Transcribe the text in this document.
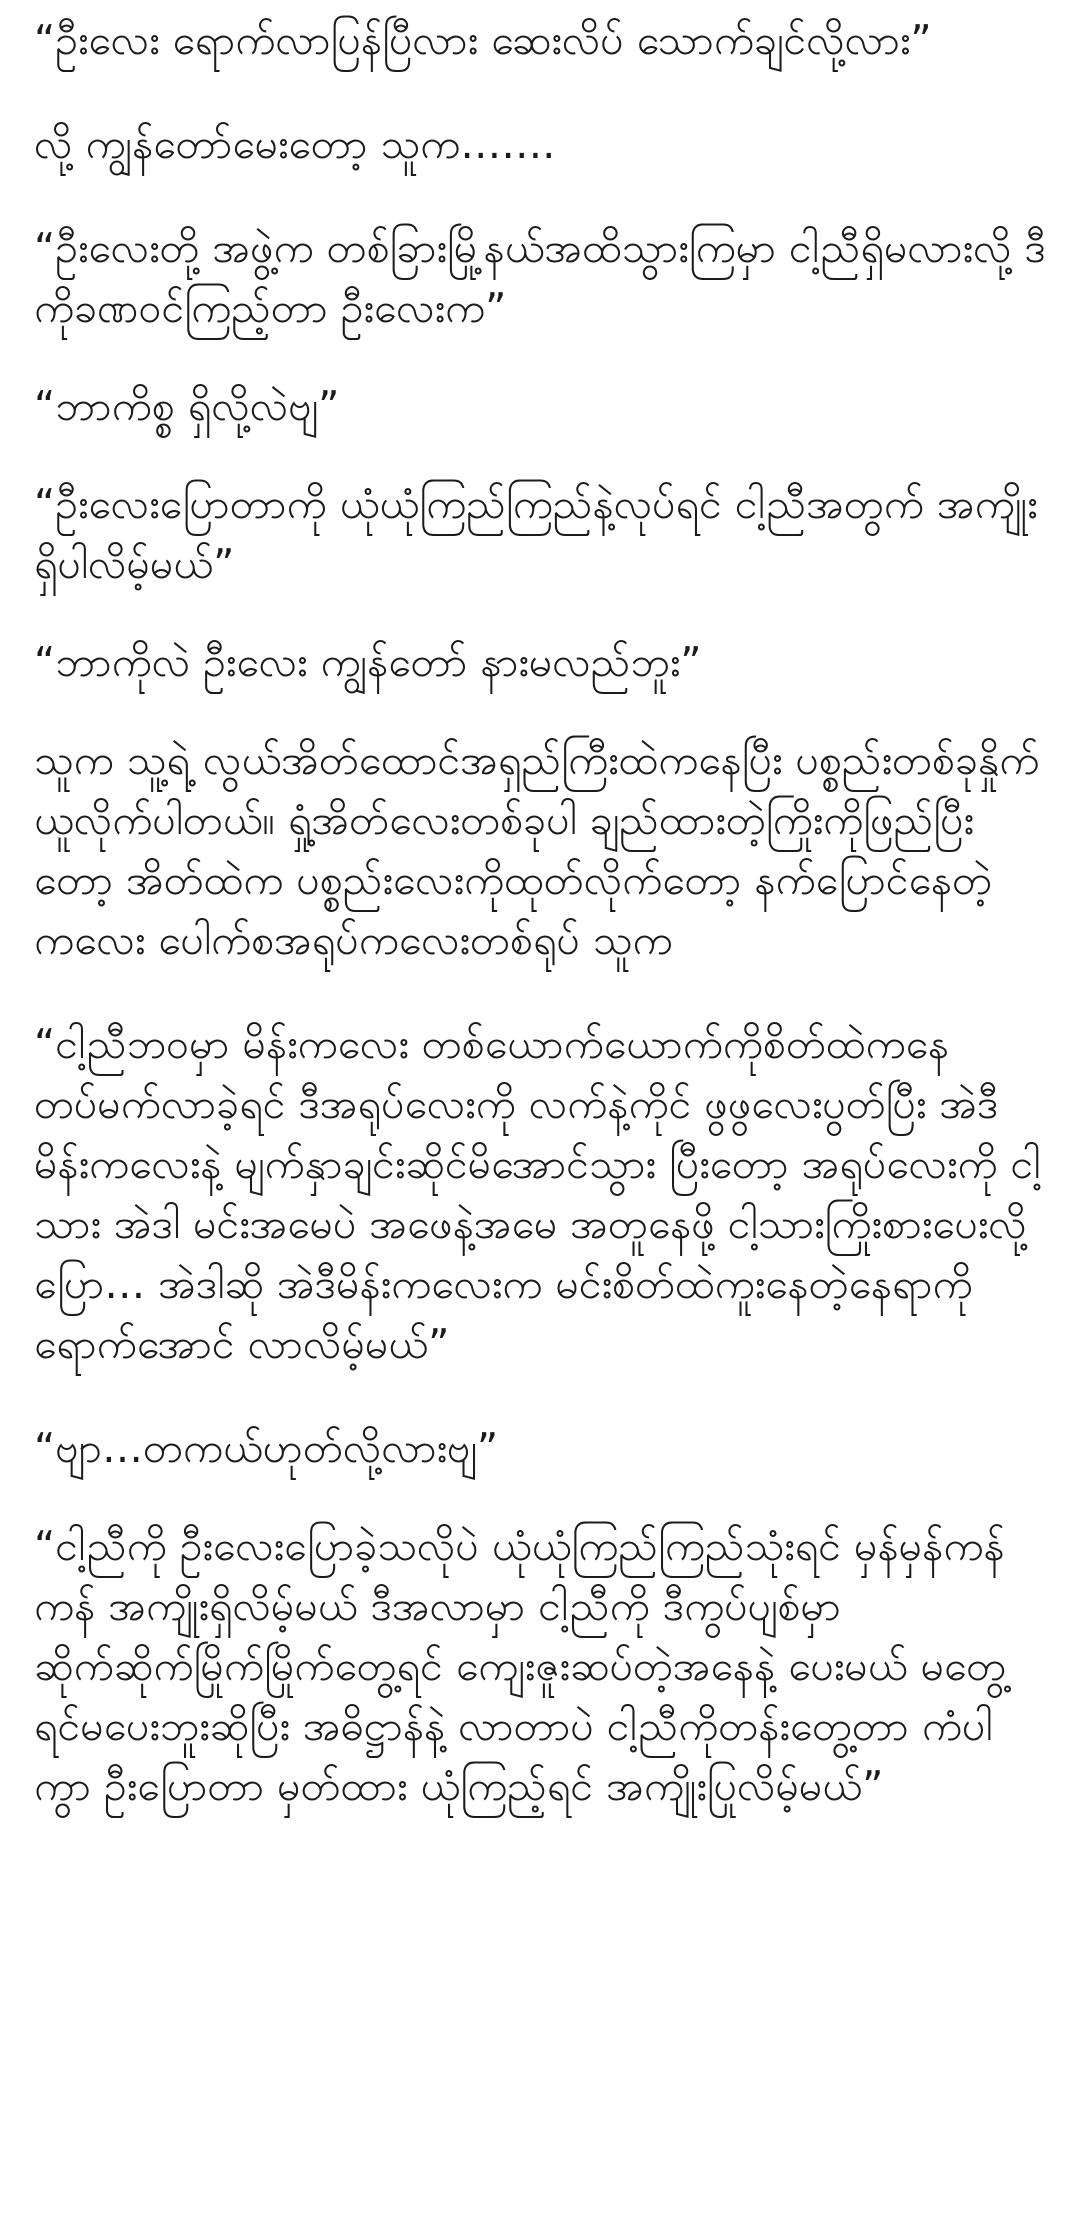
“ဦးလေး ရောက်လာပြန်ပြီလား ဆေးလိပ် သောက်ချင်လို့လား”

လို့ ကျွန်တော်မေးတော့ သူက…….

“ဦးလေးတို့ အဖွဲ့က တစ်ခြားမြို့နယ်အထိသွားကြမှာ ငါ့ညီရှိမလားလို့ ဒီကိုခဏဝင်ကြည့်တာ ဦးလေးက”

“ဘာကိစ္စ ရှိလို့လဲဗျ”

“ဦးလေးပြောတာကို ယုံယုံကြည်ကြည်နဲ့လုပ်ရင် ငါ့ညီအတွက် အကျိုးရှိပါလိမ့်မယ်”

“ဘာကိုလဲ ဦးလေး ကျွန်တော် နားမလည်ဘူး”

သူက သူ့ရဲ့ လွယ်အိတ်ထောင်အရှည်ကြီးထဲကနေပြီး ပစ္စည်းတစ်ခုနှိုက်ယူလိုက်ပါတယ်။ ရှုံ့အိတ်လေးတစ်ခုပါ ချည်ထားတဲ့ကြိုးကိုဖြည်ပြီးတော့ အိတ်ထဲက ပစ္စည်းလေးကိုထုတ်လိုက်တော့ နက်ပြောင်နေတဲ့ ကလေး ပေါက်စအရုပ်ကလေးတစ်ရုပ် သူက

“ငါ့ညီဘဝမှာ မိန်းကလေး တစ်ယောက်ယောက်ကိုစိတ်ထဲကနေ တပ်မက်လာခဲ့ရင် ဒီအရုပ်လေးကို လက်နဲ့ကိုင် ဖွဖွလေးပွတ်ပြီး အဲဒီမိန်းကလေးနဲ့ မျက်နှာချင်းဆိုင်မိအောင်သွား ပြီးတော့ အရုပ်လေးကို ငါ့သား အဲဒါ မင်းအမေပဲ အဖေနဲ့အမေ အတူနေဖို့ ငါ့သားကြိုးစားပေးလို့ ပြော… အဲဒါဆို အဲဒီမိန်းကလေးက မင်းစိတ်ထဲကူးနေတဲ့နေရာကို ရောက်အောင် လာလိမ့်မယ်”

“ဗျာ…တကယ်ဟုတ်လို့လားဗျ”

“ငါ့ညီကို ဦးလေးပြောခဲ့သလိုပဲ ယုံယုံကြည်ကြည်သုံးရင် မှန်မှန်ကန်ကန် အကျိုးရှိလိမ့်မယ် ဒီအလာမှာ ငါ့ညီကို ဒီကွပ်ပျစ်မှာ ဆိုက်ဆိုက်မြိုက်မြိုက်တွေ့ရင် ကျေးဇူးဆပ်တဲ့အနေနဲ့ ပေးမယ် မတွေ့ရင်မပေးဘူးဆိုပြီး အဓိဋ္ဌာန်နဲ့ လာတာပဲ ငါ့ညီကိုတန်းတွေ့တာ ကံပါကွာ ဦးပြောတာ မှတ်ထား ယုံကြည့်ရင် အကျိုးပြုလိမ့်မယ်”
